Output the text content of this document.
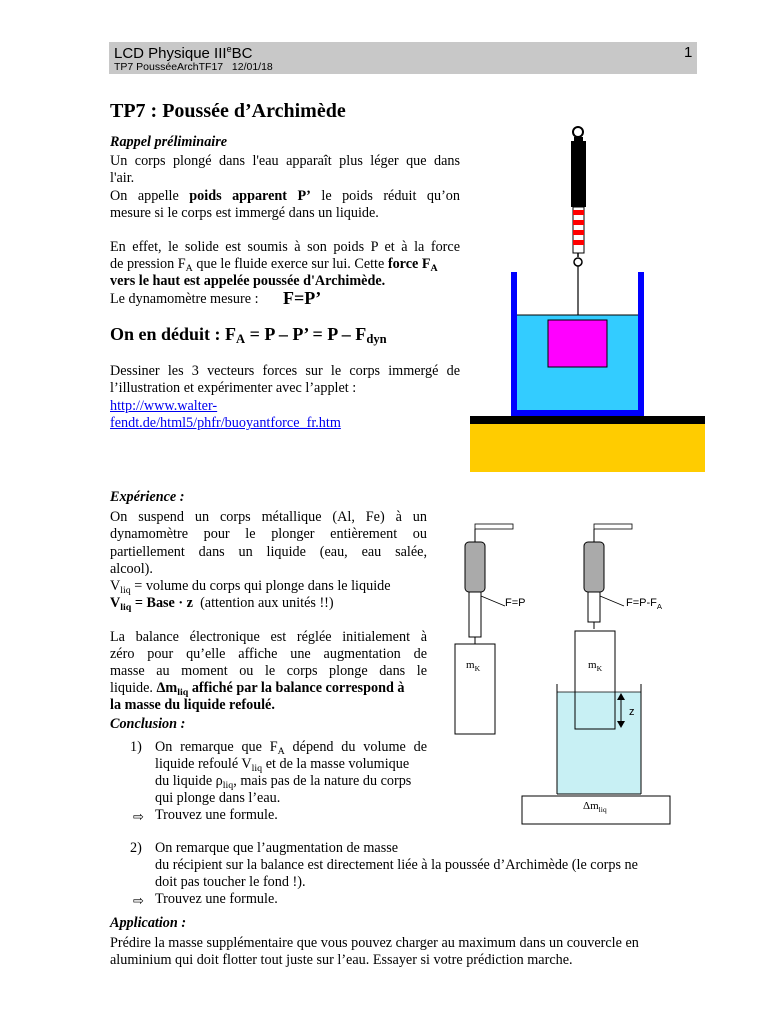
LCD Physique IIIeBC	1
TP7 PousséeArchTF17   12/01/18
TP7 : Poussée d’Archimède
Rappel préliminaire
Un corps plongé dans l'eau apparaît plus léger que dans
l'air.
On appelle poids apparent P’ le poids réduit qu’on
mesure si le corps est immergé dans un liquide.
En effet, le solide est soumis à son poids P et à la force
de pression $F_A$ que le fluide exerce sur lui. Cette force $F_A$
vers le haut est appelée poussée d'Archimède.
Le dynamomètre mesure : F=P’
On en déduit : $F_A = P - P$’ = P – $F_{dyn}$
Dessiner les 3 vecteurs forces sur le corps immergé de
l’illustration et expérimenter avec l’applet :
http://www.walter-
fendt.de/html5/phfr/buoyantforce_fr.htm
Expérience :
On suspend un corps métallique (Al, Fe) à un
dynamomètre pour le plonger entièrement ou
partiellement dans un liquide (eau, eau salée,
alcool).
$V_{liq}$ = volume du corps qui plonge dans le liquide
$V_{liq}$ = Base · z  (attention aux unités !!)
La balance électronique est réglée initialement à
zéro pour qu’elle affiche une augmentation de
masse au moment ou le corps plonge dans le
liquide. $\Delta m_{liq}$ affiché par la balance correspond à
la masse du liquide refoulé.
F=P	$F=P-F_A$
$m_K$	$m_K$
z
$\Delta m_{liq}$
Conclusion :
1) On remarque que $F_A$ dépend du volume de
liquide refoulé $V_{liq}$ et de la masse volumique
du liquide $\rho_{liq}$, mais pas de la nature du corps
qui plonge dans l’eau.
⇨ Trouvez une formule.
2) On remarque que l’augmentation de masse
du récipient sur la balance est directement liée à la poussée d’Archimède (le corps ne
doit pas toucher le fond !).
⇨ Trouvez une formule.
Application :
Prédire la masse supplémentaire que vous pouvez charger au maximum dans un couvercle en
aluminium qui doit flotter tout juste sur l’eau. Essayer si votre prédiction marche.
